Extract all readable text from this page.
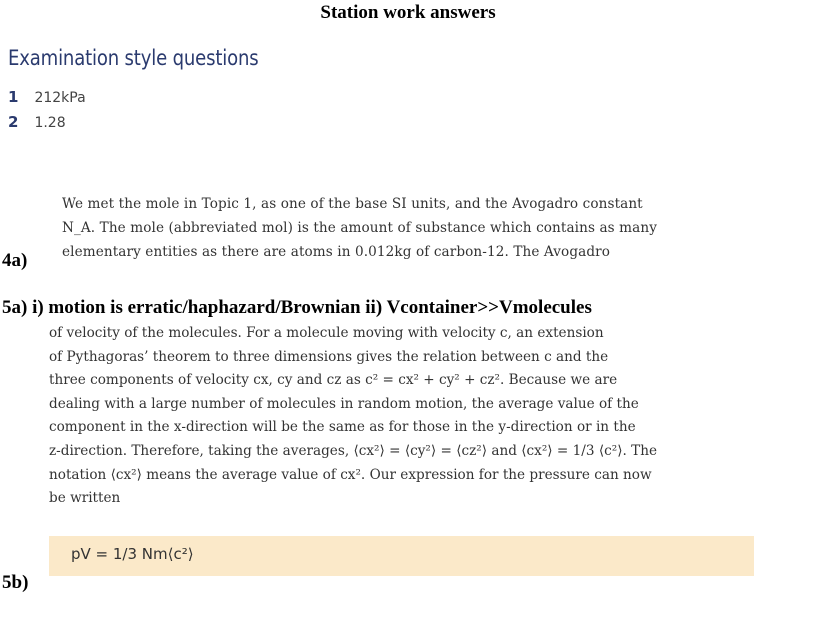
Station work answers
Examination style questions
1 212kPa
2 1.28
We met the mole in Topic 1, as one of the base SI units, and the Avogadro constant
N_A. The mole (abbreviated mol) is the amount of substance which contains as many
elementary entities as there are atoms in 0.012kg of carbon-12. The Avogadro
4a)
5a) i) motion is erratic/haphazard/Brownian ii) Vcontainer>>Vmolecules
of velocity of the molecules. For a molecule moving with velocity c, an extension
of Pythagoras’ theorem to three dimensions gives the relation between c and the
three components of velocity cx, cy and cz as c² = cx² + cy² + cz². Because we are
dealing with a large number of molecules in random motion, the average value of the
component in the x-direction will be the same as for those in the y-direction or in the
z-direction. Therefore, taking the averages, ⟨cx²⟩ = ⟨cy²⟩ = ⟨cz²⟩ and ⟨cx²⟩ = 1/3 ⟨c²⟩. The
notation ⟨cx²⟩ means the average value of cx². Our expression for the pressure can now
be written
pV = 1/3 Nm⟨c²⟩
5b)
